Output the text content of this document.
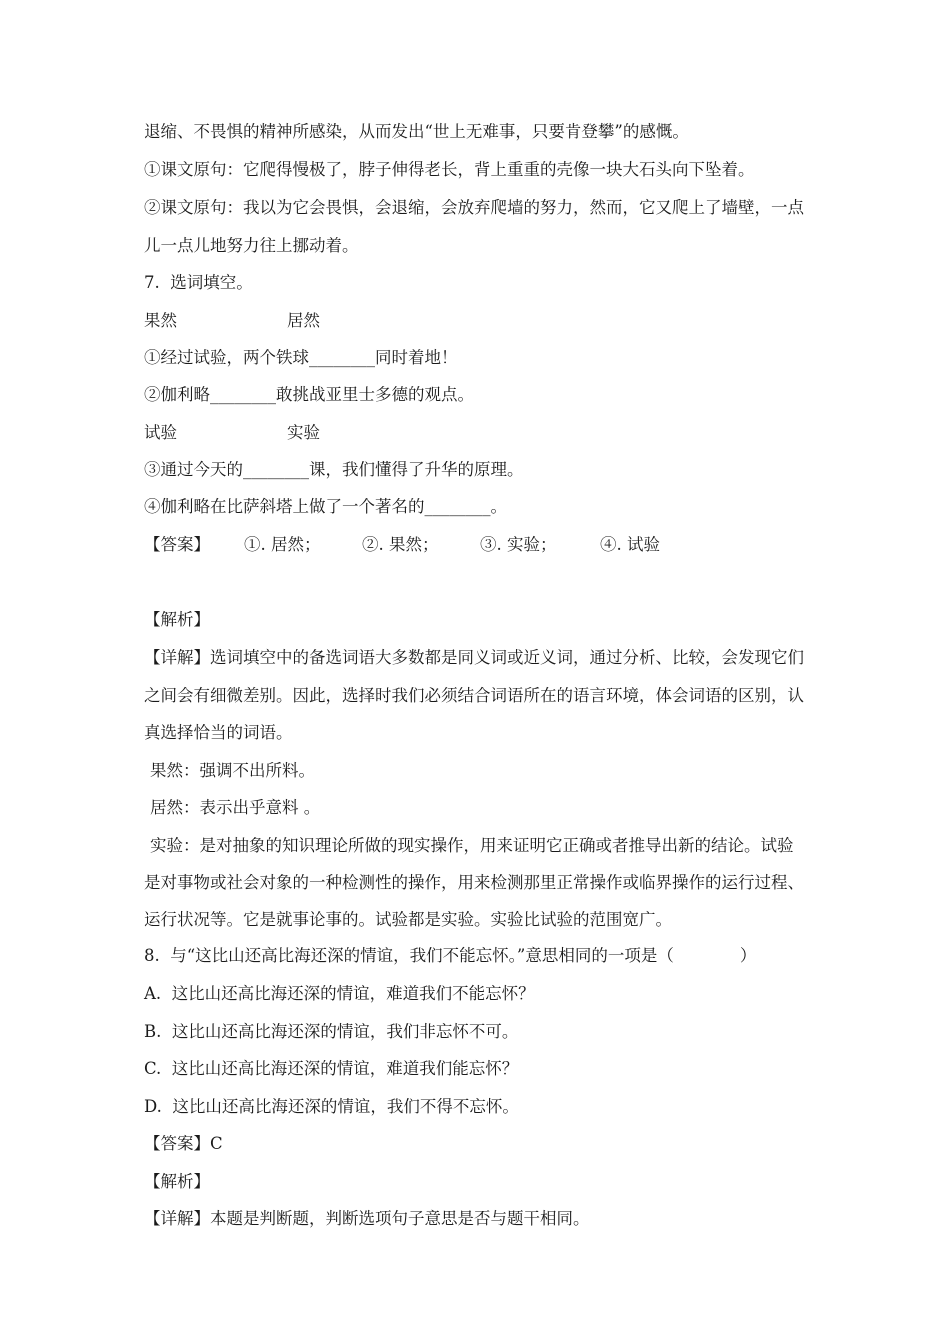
退缩、不畏惧的精神所感染，从而发出“世上无难事，只要肯登攀”的感慨。
①课文原句：它爬得慢极了，脖子伸得老长，背上重重的壳像一块大石头向下坠着。
②课文原句：我以为它会畏惧，会退缩，会放弃爬墙的努力，然而，它又爬上了墙壁，一点
儿一点儿地努力往上挪动着。
7.  选词填空。
果然	居然
①经过试验，两个铁球________同时着地！
②伽利略________敢挑战亚里士多德的观点。
试验	实验
③通过今天的________课，我们懂得了升华的原理。
④伽利略在比萨斜塔上做了一个著名的________。

【答案】

①. 居然；

	②. 果然；

	③. 实验；

	④. 试验

【解析】
【详解】选词填空中的备选词语大多数都是同义词或近义词，通过分析、比较，会发现它们
之间会有细微差别。因此，选择时我们必须结合词语所在的语言环境，体会词语的区别，认
真选择恰当的词语。
果然：强调不出所料。
居然：表示出乎意料 。
实验：是对抽象的知识理论所做的现实操作，用来证明它正确或者推导出新的结论。试验
是对事物或社会对象的一种检测性的操作，用来检测那里正常操作或临界操作的运行过程、
运行状况等。它是就事论事的。试验都是实验。实验比试验的范围宽广。
8.  与“这比山还高比海还深的情谊，我们不能忘怀。”意思相同的一项是（　　　　）
A.  这比山还高比海还深的情谊，难道我们不能忘怀？
B.  这比山还高比海还深的情谊，我们非忘怀不可。
C.  这比山还高比海还深的情谊，难道我们能忘怀？
D.  这比山还高比海还深的情谊，我们不得不忘怀。
【答案】C
【解析】
【详解】本题是判断题，判断选项句子意思是否与题干相同。
